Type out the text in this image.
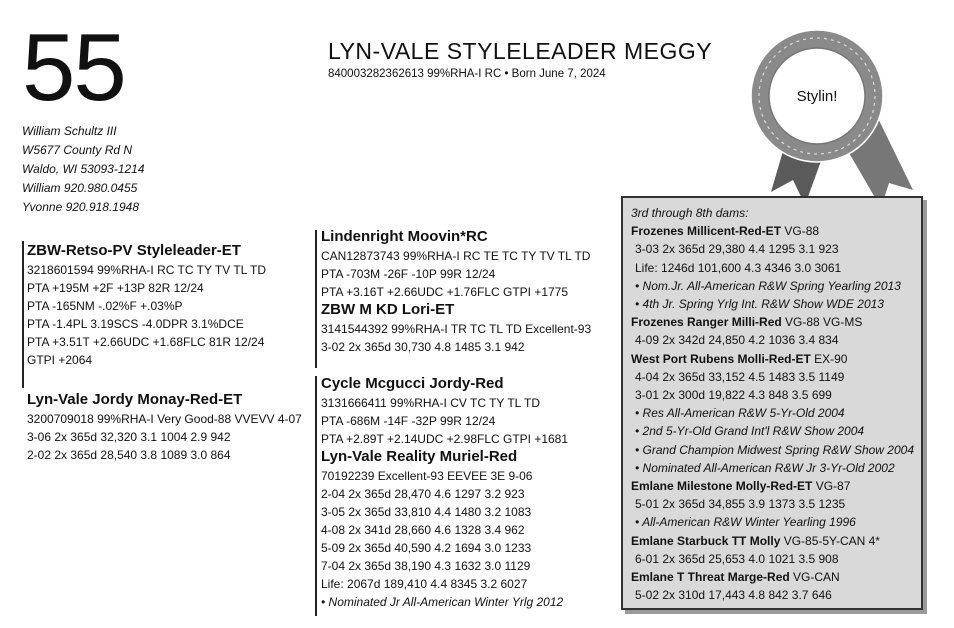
55
William Schultz III
W5677 County Rd N
Waldo, WI 53093-1214
William 920.980.0455
Yvonne 920.918.1948
LYN-VALE STYLELEADER MEGGY
840003282362613 99%RHA-I RC • Born June 7, 2024
Stylin!
ZBW-Retso-PV Styleleader-ET
3218601594 99%RHA-I RC TC TY TV TL TD
PTA +195M +2F +13P 82R 12/24
PTA -165NM -.02%F +.03%P
PTA -1.4PL 3.19SCS -4.0DPR 3.1%DCE
PTA +3.51T +2.66UDC +1.68FLC 81R 12/24
GTPI +2064
Lyn-Vale Jordy Monay-Red-ET
3200709018 99%RHA-I Very Good-88 VVEVV 4-07
3-06 2x 365d 32,320 3.1 1004 2.9 942
2-02 2x 365d 28,540 3.8 1089 3.0 864
Lindenright Moovin*RC
CAN12873743 99%RHA-I RC TE TC TY TV TL TD
PTA -703M -26F -10P 99R 12/24
PTA +3.16T +2.66UDC +1.76FLC GTPI +1775
ZBW M KD Lori-ET
3141544392 99%RHA-I TR TC TL TD Excellent-93
3-02 2x 365d 30,730 4.8 1485 3.1 942
Cycle Mcgucci Jordy-Red
3131666411 99%RHA-I CV TC TY TL TD
PTA -686M -14F -32P 99R 12/24
PTA +2.89T +2.14UDC +2.98FLC GTPI +1681
Lyn-Vale Reality Muriel-Red
70192239 Excellent-93 EEVEE 3E 9-06
2-04 2x 365d 28,470 4.6 1297 3.2 923
3-05 2x 365d 33,810 4.4 1480 3.2 1083
4-08 2x 341d 28,660 4.6 1328 3.4 962
5-09 2x 365d 40,590 4.2 1694 3.0 1233
7-04 2x 365d 38,190 4.3 1632 3.0 1129
Life: 2067d 189,410 4.4 8345 3.2 6027
• Nominated Jr All-American Winter Yrlg 2012
3rd through 8th dams:
Frozenes Millicent-Red-ET VG-88
3-03 2x 365d 29,380 4.4 1295 3.1 923
Life: 1246d 101,600 4.3 4346 3.0 3061
• Nom.Jr. All-American R&W Spring Yearling 2013
• 4th Jr. Spring Yrlg Int. R&W Show WDE 2013
Frozenes Ranger Milli-Red VG-88 VG-MS
4-09 2x 342d 24,850 4.2 1036 3.4 834
West Port Rubens Molli-Red-ET EX-90
4-04 2x 365d 33,152 4.5 1483 3.5 1149
3-01 2x 300d 19,822 4.3 848 3.5 699
• Res All-American R&W 5-Yr-Old 2004
• 2nd 5-Yr-Old Grand Int'l R&W Show 2004
• Grand Champion Midwest Spring R&W Show 2004
• Nominated All-American R&W Jr 3-Yr-Old 2002
Emlane Milestone Molly-Red-ET VG-87
5-01 2x 365d 34,855 3.9 1373 3.5 1235
• All-American R&W Winter Yearling 1996
Emlane Starbuck TT Molly VG-85-5Y-CAN 4*
6-01 2x 365d 25,653 4.0 1021 3.5 908
Emlane T Threat Marge-Red VG-CAN
5-02 2x 310d 17,443 4.8 842 3.7 646
